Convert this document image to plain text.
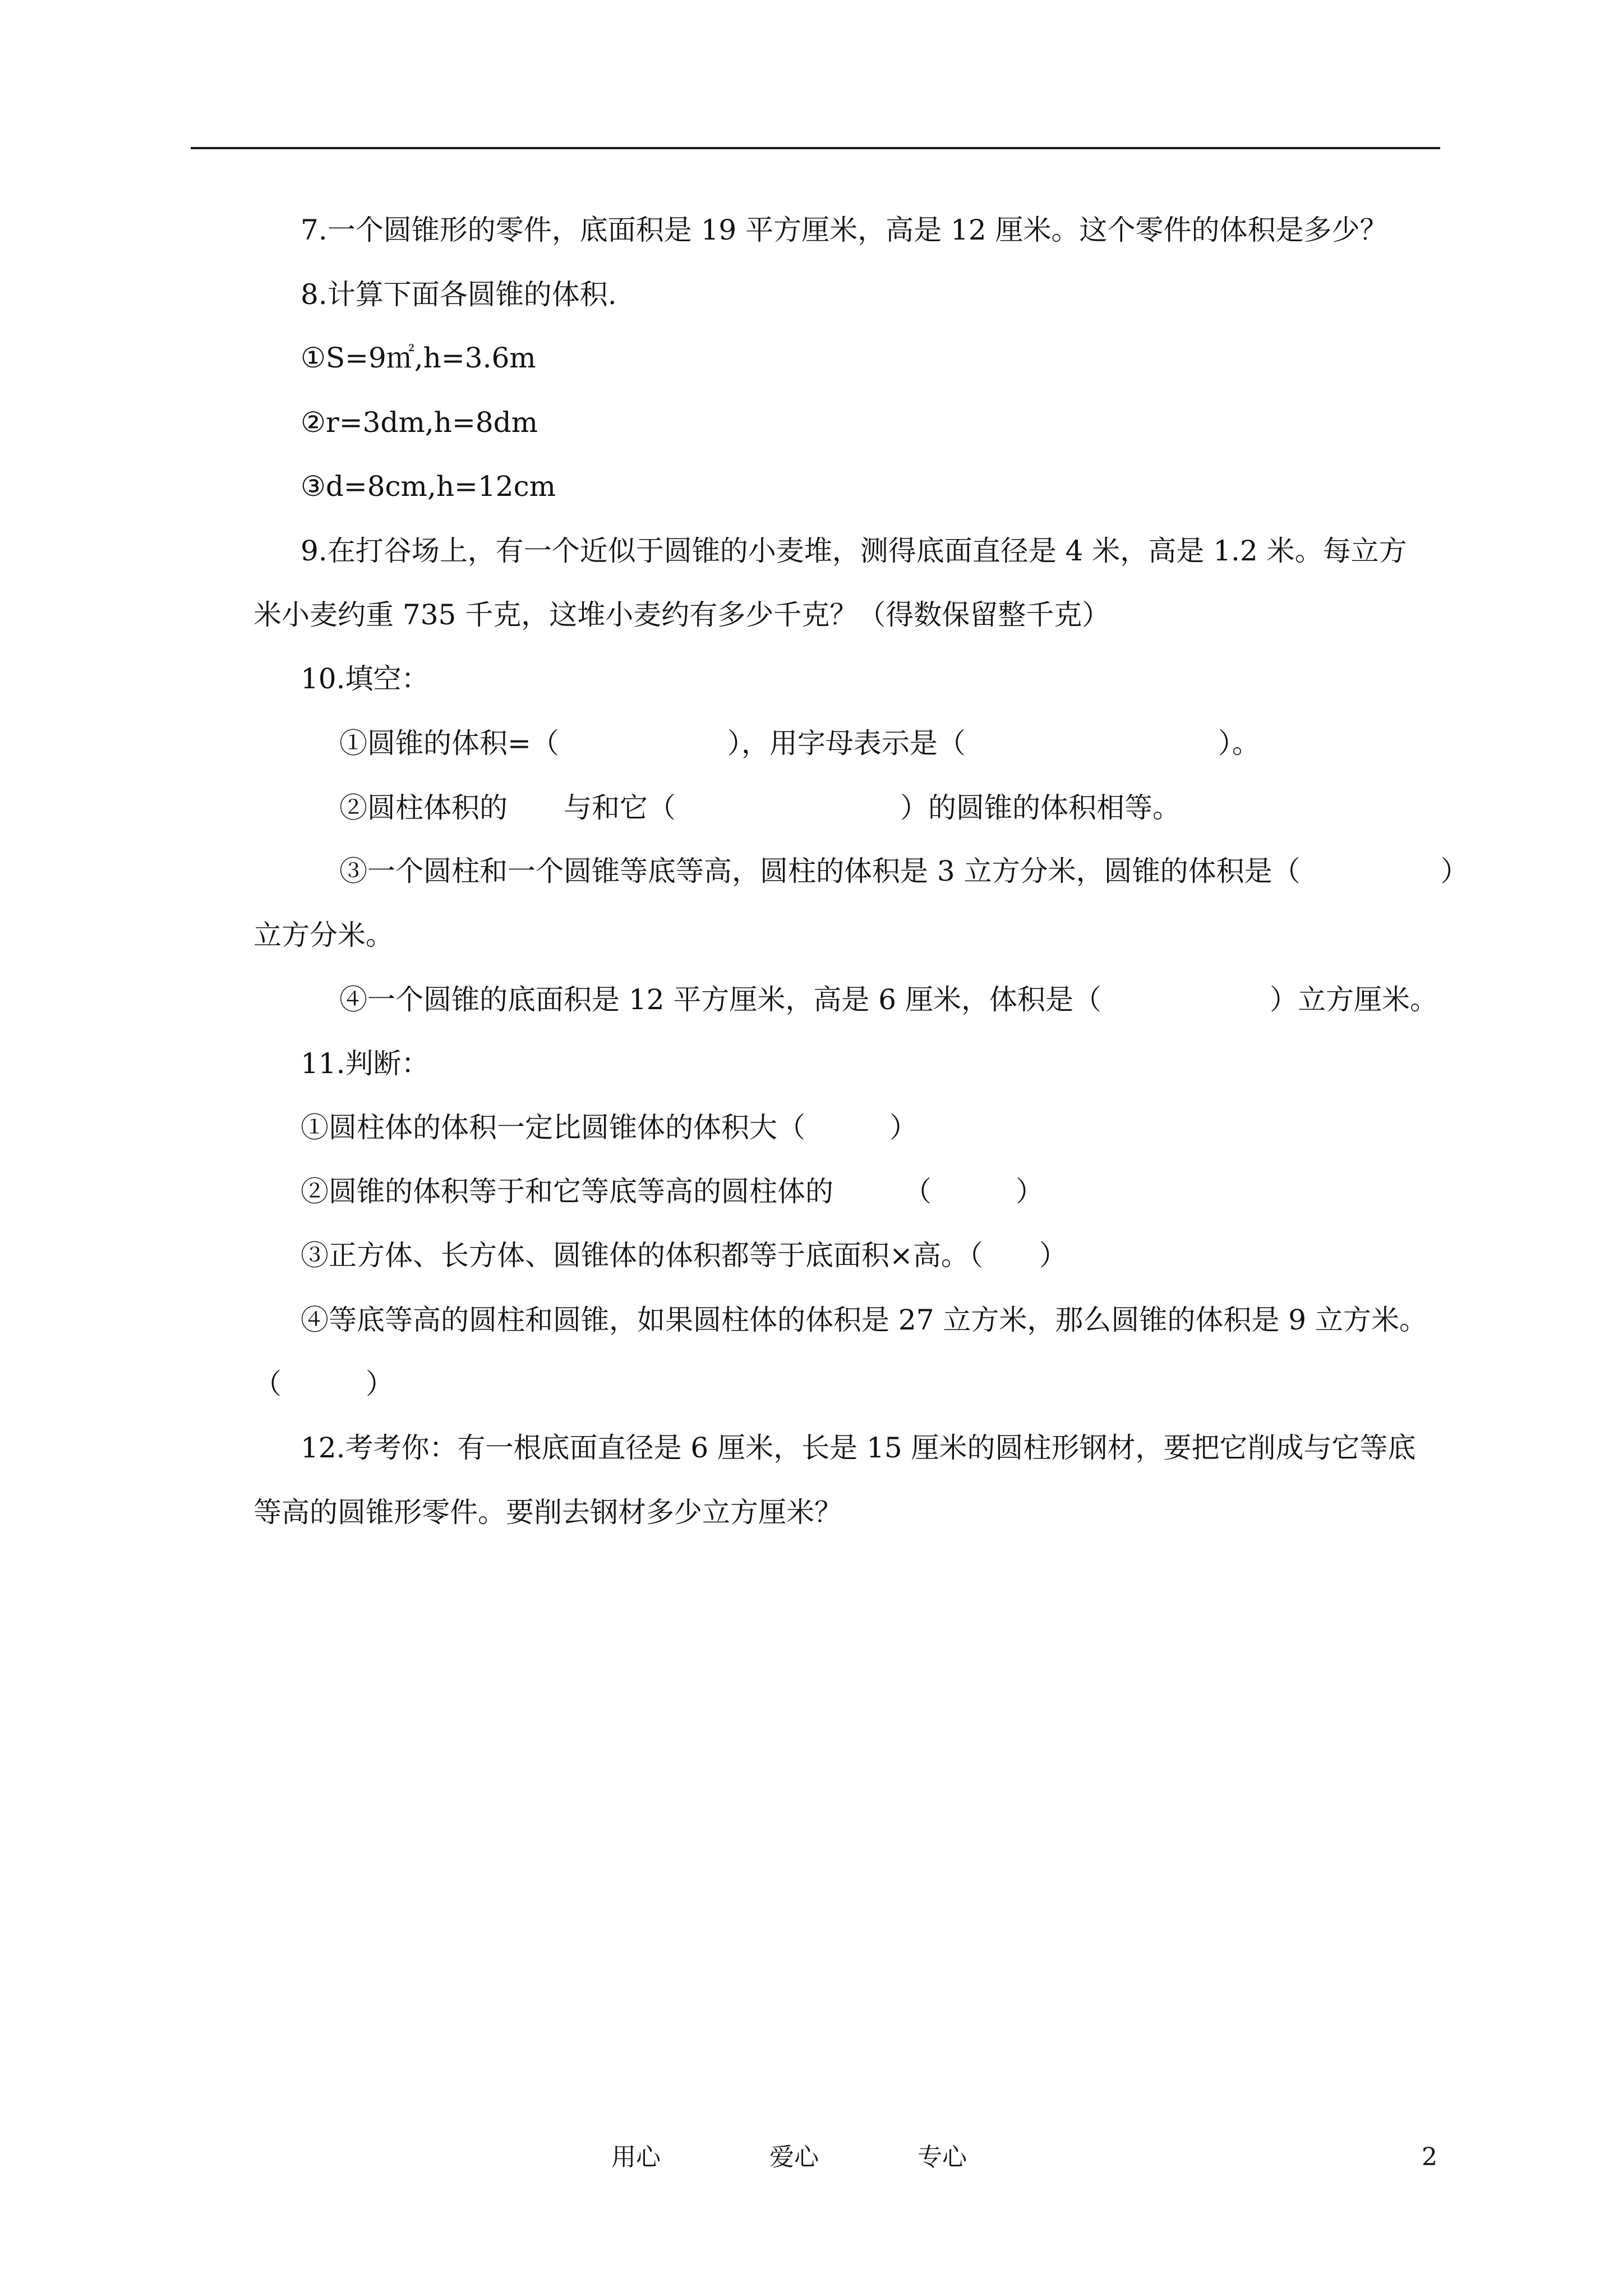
7.一个圆锥形的零件，底面积是 19 平方厘米，高是 12 厘米。这个零件的体积是多少？
8.计算下面各圆锥的体积.
①S=9㎡,h=3.6m
②r=3dm,h=8dm
③d=8cm,h=12cm
9.在打谷场上，有一个近似于圆锥的小麦堆，测得底面直径是 4 米，高是 1.2 米。每立方
米小麦约重 735 千克，这堆小麦约有多少千克？（得数保留整千克）
10.填空：
①圆锥的体积=（　　　　　　），用字母表示是（　　　　　　　　　）。
②圆柱体积的　　与和它（　　　　　　　　）的圆锥的体积相等。
③一个圆柱和一个圆锥等底等高，圆柱的体积是 3 立方分米，圆锥的体积是（　　　　　）
立方分米。
④一个圆锥的底面积是 12 平方厘米，高是 6 厘米，体积是（　　　　　　）立方厘米。
11.判断：
①圆柱体的体积一定比圆锥体的体积大（　　　）
②圆锥的体积等于和它等底等高的圆柱体的　　　（　　　）
③正方体、长方体、圆锥体的体积都等于底面积×高。（　　）
④等底等高的圆柱和圆锥，如果圆柱体的体积是 27 立方米，那么圆锥的体积是 9 立方米。
（　　　）
12.考考你：有一根底面直径是 6 厘米，长是 15 厘米的圆柱形钢材，要把它削成与它等底
等高的圆锥形零件。要削去钢材多少立方厘米？
用心	爱心	专心	2
